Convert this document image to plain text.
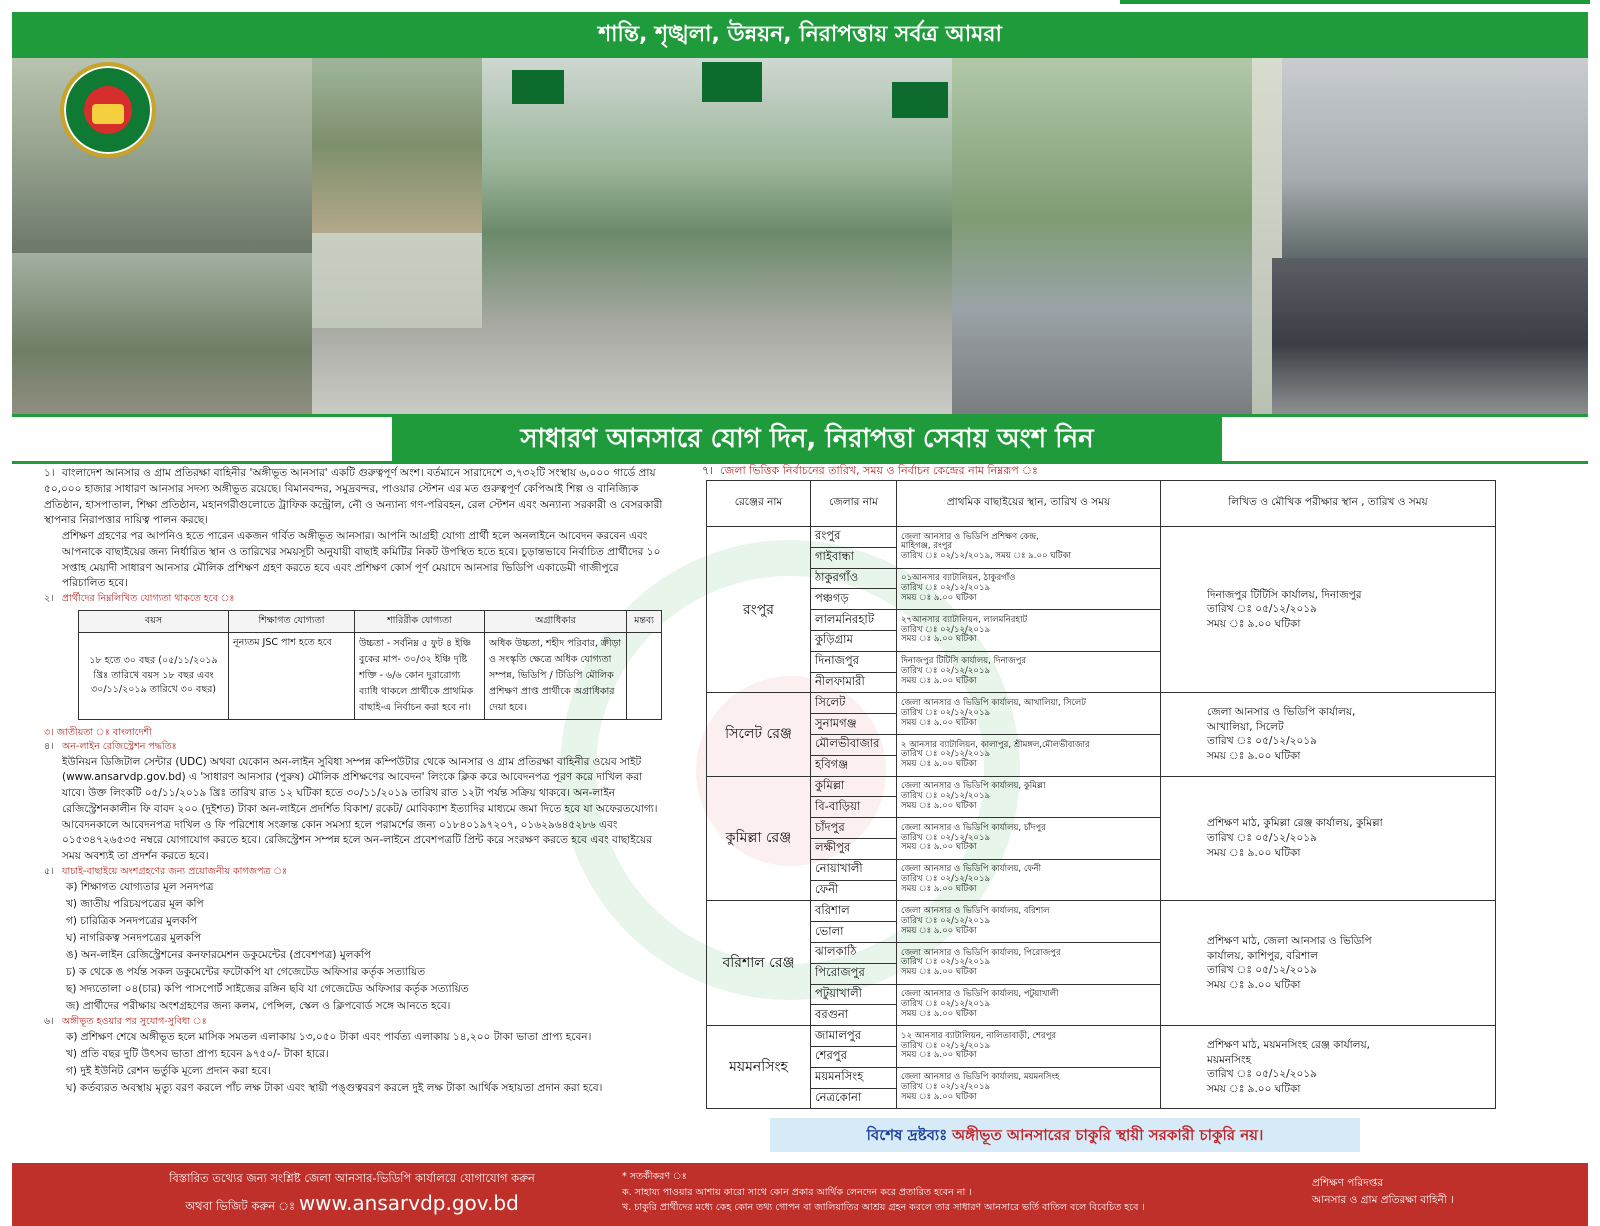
শান্তি, শৃঙ্খলা, উন্নয়ন, নিরাপত্তায় সর্বত্র আমরা
সাধারণ আনসারে যোগ দিন, নিরাপত্তা সেবায় অংশ নিন

১। বাংলাদেশ আনসার ও গ্রাম প্রতিরক্ষা বাহিনীর 'অঙ্গীভূত আনসার' একটি গুরুত্বপূর্ণ অংশ। বর্তমানে সারাদেশে ৩,৭৩২টি সংস্থায় ৬,০০০ গার্ডে প্রায় ৫০,০০০ হাজার সাধারণ আনসার সদস্য অঙ্গীভূত রয়েছে। বিমানবন্দর, সমুদ্রবন্দর, পাওয়ার স্টেশন এর মত গুরুত্বপূর্ণ কেপিআই শিল্প ও বানিজ্যিক প্রতিষ্ঠান, হাসপাতাল, শিক্ষা প্রতিষ্ঠান, মহানগরীগুলোতে ট্রাফিক কন্ট্রোল, নৌ ও অন্যান্য গণ-পরিবহন, রেল স্টেশন এবং অন্যান্য সরকারী ও বেসরকারী স্থাপনার নিরাপত্তার দায়িত্ব পালন করছে।

প্রশিক্ষণ গ্রহণের পর আপনিও হতে পারেন একজন গর্বিত অঙ্গীভূত আনসার। আপনি আগ্রহী যোগ্য প্রার্থী হলে অনলাইনে আবেদন করবেন এবং আপনাকে বাছাইয়ের জন্য নির্ধারিত স্থান ও তারিখের সময়সূচী অনুযায়ী বাছাই কমিটির নিকট উপস্থিত হতে হবে। চুড়ান্তভাবে নির্বাচিত প্রার্থীদের ১০ সপ্তাহ মেয়াদী সাধারণ আনসার মৌলিক প্রশিক্ষণ গ্রহণ করতে হবে এবং প্রশিক্ষণ কোর্স পূর্ণ মেয়াদে আনসার ভিডিপি একাডেমী গাজীপুরে পরিচালিত হবে।

২। প্রার্থীদের নিম্নলিখিত যোগ্যতা থাকতে হবে ঃ

বয়স	শিক্ষাগত যোগ্যতা	শারিরীক যোগ্যতা	অগ্রাধিকার	মন্তব্য
১৮ হতে ৩০ বছর (০৫/১১/২০১৯ খ্রিঃ তারিখে বয়স ১৮ বছর এবং ৩০/১১/২০১৯ তারিখে ৩০ বছর)	নূন্যতম JSC পাশ হতে হবে	উচ্চতা - সর্বনিম্ন ৫ ফুট ৪ ইঞ্চি বুকের মাপ- ৩০/৩২ ইঞ্চি দৃষ্টি শক্তি - ৬/৬ কোন দুরারোগ্য ব্যাধি থাকলে প্রার্থীকে প্রাথমিক বাছাই-এ নির্বাচন করা হবে না।	অধিক উচ্চতা, শহীদ পরিবার, ক্রীড়া ও সংস্কৃতি ক্ষেত্রে অধিক যোগ্যতা সম্পন্ন, ভিডিপি / টিডিপি মৌলিক প্রশিক্ষণ প্রাপ্ত প্রার্থীকে অগ্রাধিকার দেয়া হবে।	

৩। জাতীয়তা ঃ বাংলাদেশী

৪। অন-লাইন রেজিস্ট্রেশন পদ্ধতিঃ

ইউনিয়ন ডিজিটাল সেন্টার (UDC) অথবা যেকোন অন-লাইন সুবিধা সম্পন্ন কম্পিউটার থেকে আনসার ও গ্রাম প্রতিরক্ষা বাহিনীর ওয়েব সাইট (www.ansarvdp.gov.bd) এ 'সাধারণ আনসার (পুরুষ) মৌলিক প্রশিক্ষণের আবেদন' লিংকে ক্লিক করে আবেদনপত্র পূরণ করে দাখিল করা যাবে। উক্ত লিংকটি ০৫/১১/২০১৯ খ্রিঃ তারিখ রাত ১২ ঘটিকা হতে ৩০/১১/২০১৯ তারিখ রাত ১২টা পর্যন্ত সক্রিয় থাকবে। অন-লাইন রেজিস্ট্রেশনকালীন ফি বাবদ ২০০ (দুইশত) টাকা অন-লাইনে প্রদর্শিত বিকাশ/ রকেট/ মোবিক্যাশ ইত্যাদির মাধ্যমে জমা দিতে হবে যা অফেরতযোগ্য। আবেদনকালে আবেদনপত্র দাখিল ও ফি পরিশোধ সংক্রান্ত কোন সমস্যা হলে পরামর্শের জন্য ০১৮৪০১৯৭২০৭, ০১৬২৯৬৪৫২৮৬ এবং ০১৫৩৪৭২৬৫৩৫ নম্বরে যোগাযোগ করতে হবে। রেজিস্ট্রেশন সম্পন্ন হলে অন-লাইনে প্রবেশপত্রটি প্রিন্ট করে সংরক্ষণ করতে হবে এবং বাছাইয়ের সময় অবশ্যই তা প্রদর্শন করতে হবে।

৫। যাচাই-বাছাইয়ে অংশগ্রহণের জন্য প্রয়োজনীয় কাগজপত্র ঃ

ক) শিক্ষাগত যোগ্যতার মূল সনদপত্র

খ) জাতীয় পরিচয়পত্রের মূল কপি

গ) চারিত্রিক সনদপত্রের মুলকপি

ঘ) নাগরিকত্ব সনদপত্রের মুলকপি

ঙ) অন-লাইন রেজিস্ট্রেশনের কনফারমেশন ডকুমেন্টের (প্রবেশপত্র) মুলকপি

চ) ক থেকে ঙ পর্যন্ত সকল ডকুমেন্টের ফটোকপি যা গেজেটেড অফিসার কর্তৃক সত্যায়িত

ছ) সদ্যতোলা ০৪(চার) কপি পাসপোর্ট সাইজের রঙ্গিন ছবি যা গেজেটেড অফিসার কর্তৃক সত্যায়িত

জ) প্রার্থীদের পরীক্ষায় অংশগ্রহণের জন্য কলম, পেন্সিল, স্কেল ও ক্লিপবোর্ড সঙ্গে আনতে হবে।

৬। অঙ্গীভূত হওয়ার পর সুযোগ-সুবিধা ঃ

ক) প্রশিক্ষণ শেষে অঙ্গীভূত হলে মাসিক সমতল এলাকায় ১৩,০৫০ টাকা এবং পার্বত্য এলাকায় ১৪,২০০ টাকা ভাতা প্রাপ্য হবেন।

খ) প্রতি বছর দুটি উৎসব ভাতা প্রাপ্য হবেন ৯৭৫০/- টাকা হারে।

গ) দুই ইউনিট রেশন ভর্তুকি মূল্যে প্রদান করা হবে।

ঘ) কর্তব্যরত অবস্থায় মৃত্যু বরণ করলে পাঁচ লক্ষ টাকা এবং স্থায়ী পঙ্গুত্ববরণ করলে দুই লক্ষ টাকা আর্থিক সহায়তা প্রদান করা হবে।

৭। জেলা ভিত্তিক নির্বাচনের তারিখ, সময় ও নির্বাচন কেন্দ্রের নাম নিম্নরূপ ঃ

রেঞ্জের নাম	জেলার নাম	প্রাথমিক বাছাইয়ের স্থান, তারিখ ও সময়	লিখিত ও মৌখিক পরীক্ষার স্থান , তারিখ ও সময়
রংপুর	রংপুর	জেলা আনসার ও ভিডিপি প্রশিক্ষণ কেন্দ্র,
মাহিগঞ্জ, রংপুর
তারিখ ঃ ০২/১২/২০১৯, সময় ঃ ৯.০০ ঘটিকা	দিনাজপুর টিটিসি কার্যালয়, দিনাজপুর
তারিখ ঃ ০৫/১২/২০১৯
সময় ঃ ৯.০০ ঘটিকা
	গাইবান্ধা		
	ঠাকুরগাঁও	০১আনসার ব্যাটালিয়ন, ঠাকুরগাঁও
তারিখ ঃ ০২/১২/২০১৯
সময় ঃ ৯.০০ ঘটিকা	
	পঞ্চগড়		
	লালমনিরহাট	২৭আনসার ব্যাটালিয়ন, লালমনিরহাট
তারিখ ঃ ০২/১২/২০১৯
সময় ঃ ৯.০০ ঘটিকা	
	কুড়িগ্রাম		
	দিনাজপুর	দিনাজপুর টিটিসি কার্যালয়, দিনাজপুর
তারিখ ঃ ০২/১২/২০১৯
সময় ঃ ৯.০০ ঘটিকা	
	নীলফামারী		
সিলেট রেঞ্জ	সিলেট	জেলা আনসার ও ভিডিপি কার্যালয়, আখালিয়া, সিলেট
তারিখ ঃ ০২/১২/২০১৯
সময় ঃ ৯.০০ ঘটিকা	জেলা আনসার ও ভিডিপি কার্যালয়,
আখালিয়া, সিলেট
তারিখ ঃ ০৫/১২/২০১৯
সময় ঃ ৯.০০ ঘটিকা
	সুনামগঞ্জ		
	মৌলভীবাজার	২ আনসার ব্যাটালিয়ন, কালাপুর, শ্রীমঙ্গল,মৌলভীবাজার
তারিখ ঃ ০২/১২/২০১৯
সময় ঃ ৯.০০ ঘটিকা	
	হবিগঞ্জ		
কুমিল্লা রেঞ্জ	কুমিল্লা	জেলা আনসার ও ভিডিপি কার্যালয়, কুমিল্লা
তারিখ ঃ ০২/১২/২০১৯
সময় ঃ ৯.০০ ঘটিকা	প্রশিক্ষণ মাঠ, কুমিল্লা রেঞ্জ কার্যালয়, কুমিল্লা
তারিখ ঃ ০৫/১২/২০১৯
সময় ঃ ৯.০০ ঘটিকা
	বি-বাড়িয়া		
	চাঁদপুর	জেলা আনসার ও ভিডিপি কার্যালয়, চাঁদপুর
তারিখ ঃ ০২/১২/২০১৯
সময় ঃ ৯.০০ ঘটিকা	
	লক্ষীপুর		
	নোয়াখালী	জেলা আনসার ও ভিডিপি কার্যালয়, ফেনী
তারিখ ঃ ০২/১২/২০১৯
সময় ঃ ৯.০০ ঘটিকা	
	ফেনী		
বরিশাল রেঞ্জ	বরিশাল	জেলা আনসার ও ভিডিপি কার্যালয়, বরিশাল
তারিখ ঃ ০২/১২/২০১৯
সময় ঃ ৯.০০ ঘটিকা	প্রশিক্ষণ মাঠ, জেলা আনসার ও ভিডিপি
কার্যালয়, কাশিপুর, বরিশাল
তারিখ ঃ ০৫/১২/২০১৯
সময় ঃ ৯.০০ ঘটিকা
	ভোলা		
	ঝালকাঠি	জেলা আনসার ও ভিডিপি কার্যালয়, পিরোজপুর
তারিখ ঃ ০২/১২/২০১৯
সময় ঃ ৯.০০ ঘটিকা	
	পিরোজপুর		
	পটুয়াখালী	জেলা আনসার ও ভিডিপি কার্যালয়, পটুয়াখালী
তারিখ ঃ ০২/১২/২০১৯
সময় ঃ ৯.০০ ঘটিকা	
	বরগুনা		
ময়মনসিংহ	জামালপুর	১২ আনসার ব্যাটালিয়ন, নালিতাবাড়ী, শেরপুর
তারিখ ঃ ০২/১২/২০১৯
সময় ঃ ৯.০০ ঘটিকা	প্রশিক্ষণ মাঠ, ময়মনসিংহ রেঞ্জ কার্যালয়,
ময়মনসিংহ
তারিখ ঃ ০৫/১২/২০১৯
সময় ঃ ৯.০০ ঘটিকা
	শেরপুর		
	ময়মনসিংহ	জেলা আনসার ও ভিডিপি কার্যালয়, ময়মনসিংহ
তারিখ ঃ ০২/১২/২০১৯
সময় ঃ ৯.০০ ঘটিকা	
	নেত্রকোনা		
বিশেষ দ্রষ্টব্যঃ অঙ্গীভূত আনসারের চাকুরি স্থায়ী সরকারী চাকুরি নয়।
বিস্তারিত তথ্যের জন্য সংশ্লিষ্ট জেলা আনসার-ভিডিপি কার্যালয়ে যোগাযোগ করুন
অথবা ভিজিট করুন ঃ www.ansarvdp.gov.bd
* সতর্কীকরণ ঃ
ক. সাহায্য পাওয়ার আশায় কারো সাথে কোন প্রকার আর্থিক লেনদেন করে প্রতারিত হবেন না ।
খ. চাকুরি প্রার্থীদের মধ্যে কেহ কোন তথ্য গোপন বা জালিয়াতির আশ্রয় গ্রহন করলে তার সাধারণ আনসারে ভর্তি বাতিল বলে বিবেচিত হবে ।
প্রশিক্ষণ পরিদপ্তর
আনসার ও গ্রাম প্রতিরক্ষা বাহিনী ।
